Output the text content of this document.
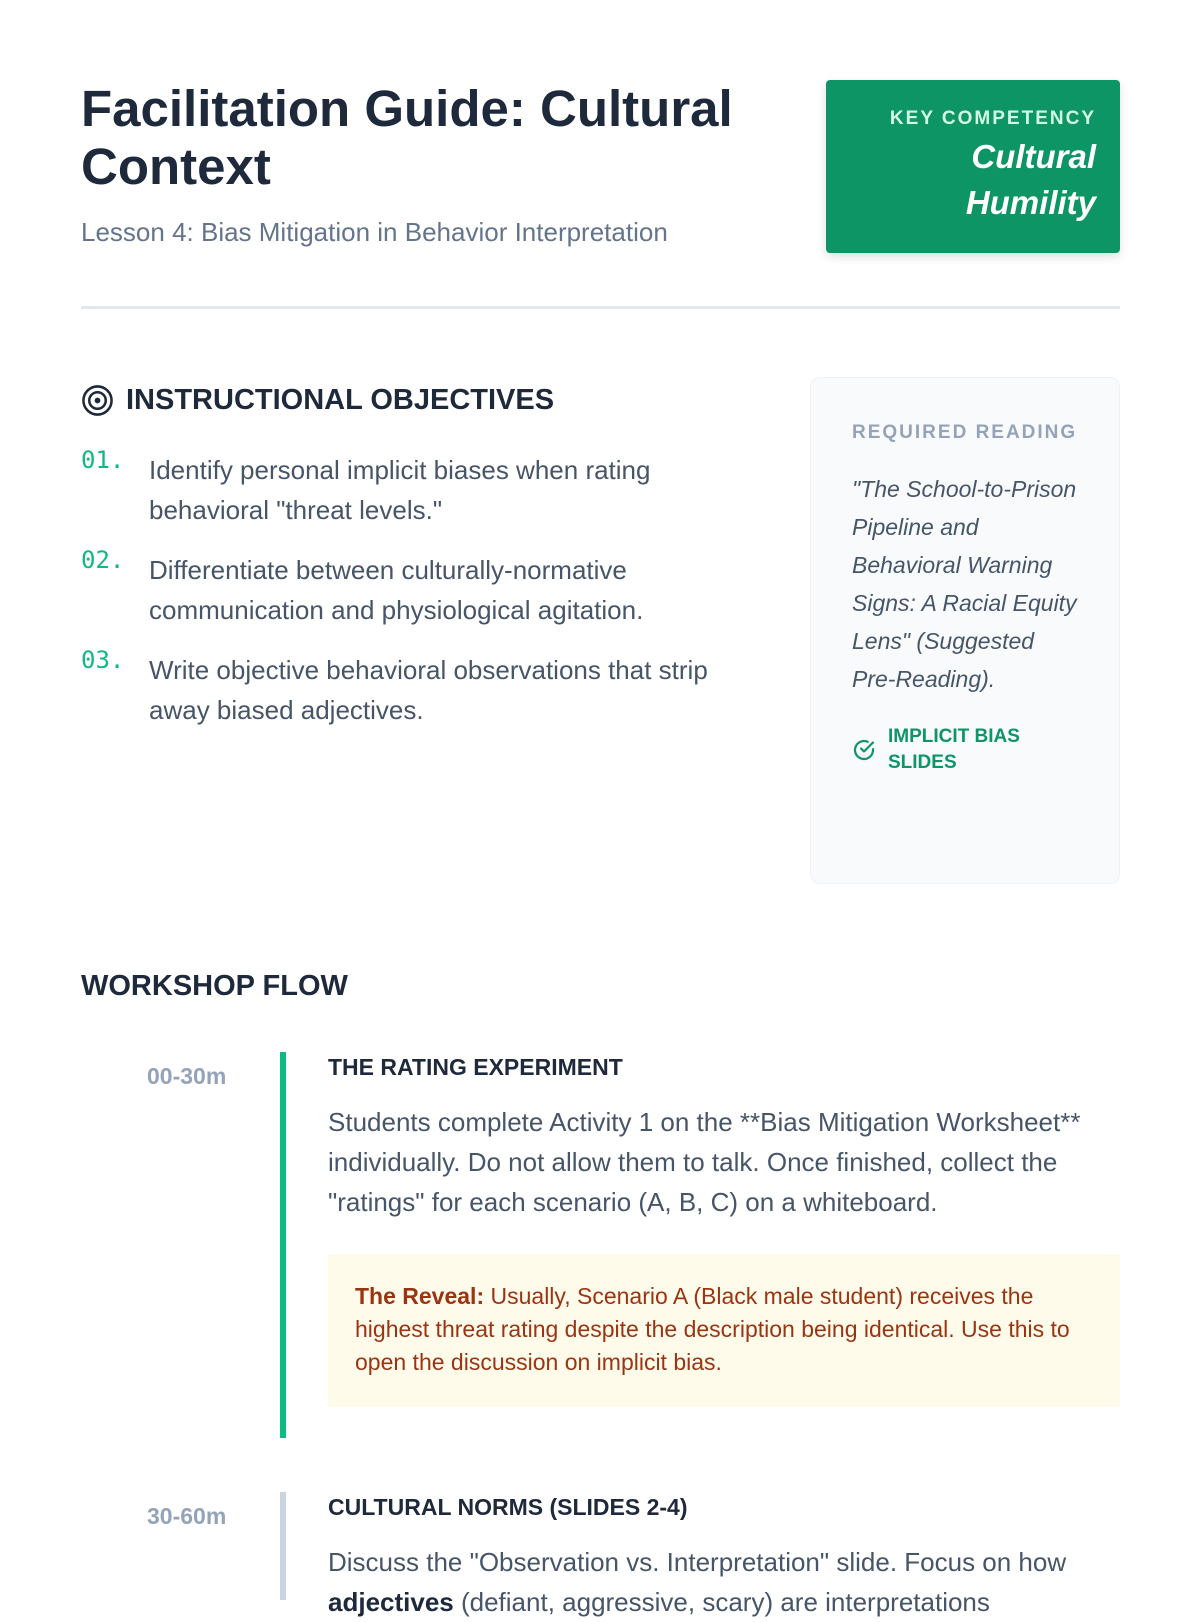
Facilitation Guide: Cultural Context

Lesson 4: Bias Mitigation in Behavior Interpretation

KEY COMPETENCY
Cultural
Humility
INSTRUCTIONAL OBJECTIVES
01. Identify personal implicit biases when rating behavioral "threat levels."
02. Differentiate between culturally-normative communication and physiological agitation.
03. Write objective behavioral observations that strip away biased adjectives.

REQUIRED READING

"The School-to-Prison Pipeline and Behavioral Warning Signs: A Racial Equity Lens" (Suggested Pre-Reading).

IMPLICIT BIAS SLIDES
WORKSHOP FLOW
00-30m	THE RATING EXPERIMENT

Students complete Activity 1 on the **Bias Mitigation Worksheet** individually. Do not allow them to talk. Once finished, collect the "ratings" for each scenario (A, B, C) on a whiteboard.

The Reveal: Usually, Scenario A (Black male student) receives the highest threat rating despite the description being identical. Use this to open the discussion on implicit bias.
30-60m	CULTURAL NORMS (SLIDES 2-4)

Discuss the "Observation vs. Interpretation" slide. Focus on how adjectives (defiant, aggressive, scary) are interpretations
